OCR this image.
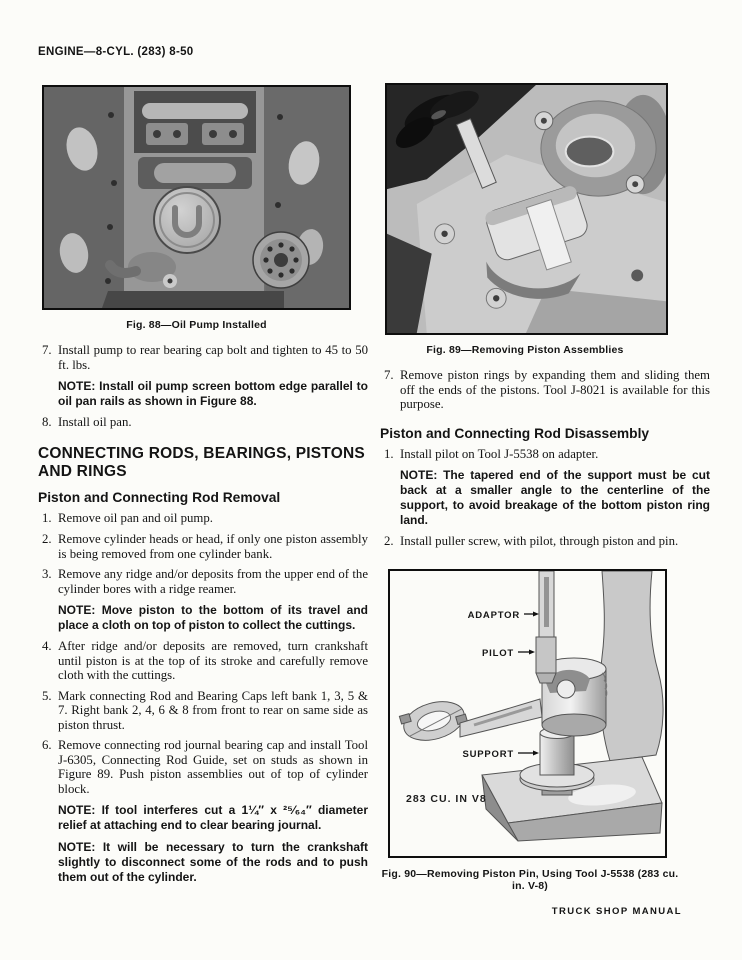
ENGINE—8-CYL. (283) 8-50
Fig. 88—Oil Pump Installed
7. Install pump to rear bearing cap bolt and tighten to 45 to 50 ft. lbs.

NOTE: Install oil pump screen bottom edge parallel to oil pan rails as shown in Figure 88.

8. Install oil pan.

CONNECTING RODS, BEARINGS, PISTONS AND RINGS
Piston and Connecting Rod Removal
1. Remove oil pan and oil pump.

2. Remove cylinder heads or head, if only one piston assembly is being removed from one cylinder bank.

3. Remove any ridge and/or deposits from the upper end of the cylinder bores with a ridge reamer.

NOTE: Move piston to the bottom of its travel and place a cloth on top of piston to collect the cuttings.

4. After ridge and/or deposits are removed, turn crankshaft until piston is at the top of its stroke and carefully remove cloth with the cuttings.

5. Mark connecting Rod and Bearing Caps left bank 1, 3, 5 & 7. Right bank 2, 4, 6 & 8 from front to rear on same side as piston thrust.

6. Remove connecting rod journal bearing cap and install Tool J-6305, Connecting Rod Guide, set on studs as shown in Figure 89. Push piston assemblies out of top of cylinder block.

NOTE: If tool interferes cut a 1¼″ x ²⁵⁄₆₄″ diameter relief at attaching end to clear bearing journal.

NOTE: It will be necessary to turn the crankshaft slightly to disconnect some of the rods and to push them out of the cylinder.

Fig. 89—Removing Piston Assemblies
7. Remove piston rings by expanding them and sliding them off the ends of the pistons. Tool J-8021 is available for this purpose.

Piston and Connecting Rod Disassembly
1. Install pilot on Tool J-5538 on adapter.

NOTE: The tapered end of the support must be cut back at a smaller angle to the centerline of the support, to avoid breakage of the bottom piston ring land.

2. Install puller screw, with pilot, through piston and pin.

ADAPTOR
PILOT
SUPPORT
283 CU. IN V8
Fig. 90—Removing Piston Pin, Using Tool J-5538 (283 cu. in. V-8)
TRUCK SHOP MANUAL
